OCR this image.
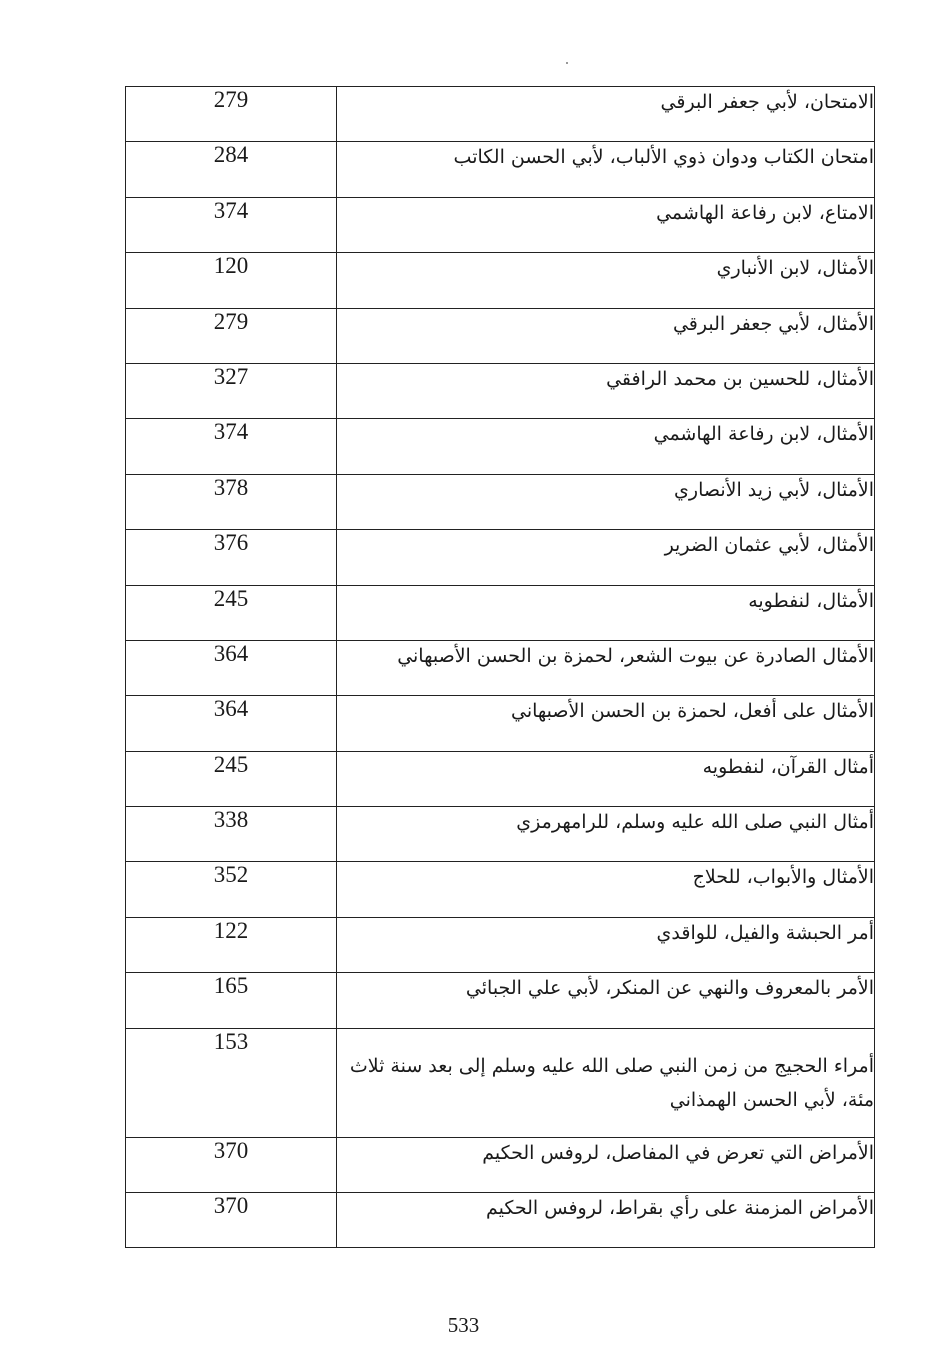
279	الامتحان، لأبي جعفر البرقي
284	امتحان الكتاب ودوان ذوي الألباب، لأبي الحسن الكاتب
374	الامتاع، لابن رفاعة الهاشمي
120	الأمثال، لابن الأنباري
279	الأمثال، لأبي جعفر البرقي
327	الأمثال، للحسين بن محمد الرافقي
374	الأمثال، لابن رفاعة الهاشمي
378	الأمثال، لأبي زيد الأنصاري
376	الأمثال، لأبي عثمان الضرير
245	الأمثال، لنفطويه
364	الأمثال الصادرة عن بيوت الشعر، لحمزة بن الحسن الأصبهاني
364	الأمثال على أفعل، لحمزة بن الحسن الأصبهاني
245	أمثال القرآن، لنفطويه
338	أمثال النبي صلى الله عليه وسلم، للرامهرمزي
352	الأمثال والأبواب، للحلاج
122	أمر الحبشة والفيل، للواقدي
165	الأمر بالمعروف والنهي عن المنكر، لأبي علي الجبائي
153	أمراء الحجيج من زمن النبي صلى الله عليه وسلم إلى بعد سنة ثلاث مئة، لأبي الحسن الهمذاني
370	الأمراض التي تعرض في المفاصل، لروفس الحكيم
370	الأمراض المزمنة على رأي بقراط، لروفس الحكيم
533
